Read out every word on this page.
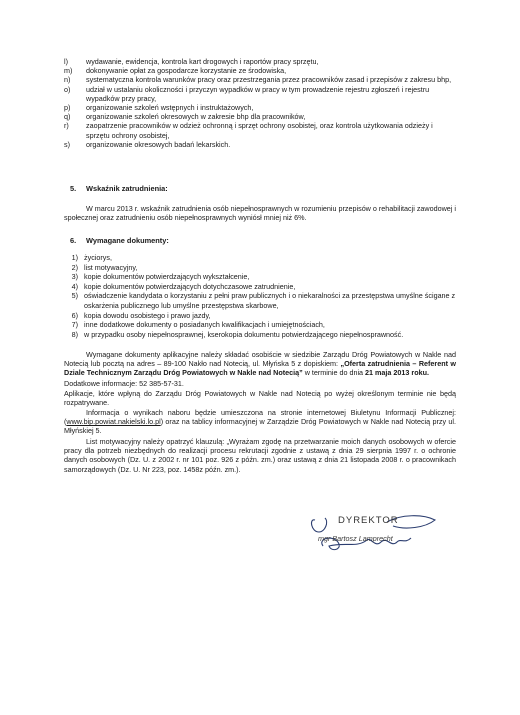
l)	wydawanie, ewidencja, kontrola kart drogowych i raportów pracy sprzętu,
m)	dokonywanie opłat za gospodarcze korzystanie ze środowiska,
n)	systematyczna kontrola warunków pracy oraz przestrzegania przez pracowników zasad i przepisów z zakresu bhp,
o)	udział w ustalaniu okoliczności i przyczyn wypadków w pracy w tym prowadzenie rejestru zgłoszeń i rejestru wypadków przy pracy,
p)	organizowanie szkoleń wstępnych i instruktażowych,
q)	organizowanie szkoleń okresowych w zakresie bhp dla pracowników,
r)	zaopatrzenie pracowników w odzież ochronną i sprzęt ochrony osobistej, oraz kontrola użytkowania odzieży i sprzętu ochrony osobistej,
s)	organizowanie okresowych badań lekarskich.
5. Wskaźnik zatrudnienia:
W marcu 2013 r. wskaźnik zatrudnienia osób niepełnosprawnych w rozumieniu przepisów o rehabilitacji zawodowej i społecznej oraz zatrudnieniu osób niepełnosprawnych wyniósł mniej niż 6%.
6. Wymagane dokumenty:
1) życiorys,
2) list motywacyjny,
3) kopie dokumentów potwierdzających wykształcenie,
4) kopie dokumentów potwierdzających dotychczasowe zatrudnienie,
5) oświadczenie kandydata o korzystaniu z pełni praw publicznych i o niekaralności za przestępstwa umyślne ścigane z oskarżenia publicznego lub umyślne przestępstwa skarbowe,
6) kopia dowodu osobistego i prawo jazdy,
7) inne dodatkowe dokumenty o posiadanych kwalifikacjach i umiejętnościach,
8) w przypadku osoby niepełnosprawnej, kserokopia dokumentu potwierdzającego niepełnosprawność.
Wymagane dokumenty aplikacyjne należy składać osobiście w siedzibie Zarządu Dróg Powiatowych w Nakle nad Notecią lub pocztą na adres – 89-100 Nakło nad Notecią, ul. Młyńska 5 z dopiskiem: „Oferta zatrudnienia – Referent w Dziale Technicznym Zarządu Dróg Powiatowych w Nakle nad Notecią” w terminie do dnia 21 maja 2013 roku.
Dodatkowe informacje: 52 385-57-31.
Aplikacje, które wpłyną do Zarządu Dróg Powiatowych w Nakle nad Notecią po wyżej określonym terminie nie będą rozpatrywane.
Informacja o wynikach naboru będzie umieszczona na stronie internetowej Biuletynu Informacji Publicznej: (www.bip.powiat.nakielski.lo.pl) oraz na tablicy informacyjnej w Zarządzie Dróg Powiatowych w Nakle nad Notecią przy ul. Młyńskiej 5.
List motywacyjny należy opatrzyć klauzulą: „Wyrażam zgodę na przetwarzanie moich danych osobowych w ofercie pracy dla potrzeb niezbędnych do realizacji procesu rekrutacji zgodnie z ustawą z dnia 29 sierpnia 1997 r. o ochronie danych osobowych (Dz. U. z 2002 r. nr 101 poz. 926 z późn. zm.) oraz ustawą z dnia 21 listopada 2008 r. o pracownikach samorządowych (Dz. U. Nr 223, poz. 1458z późn. zm.).
DYREKTOR
mgr Bartosz Lamprecht
